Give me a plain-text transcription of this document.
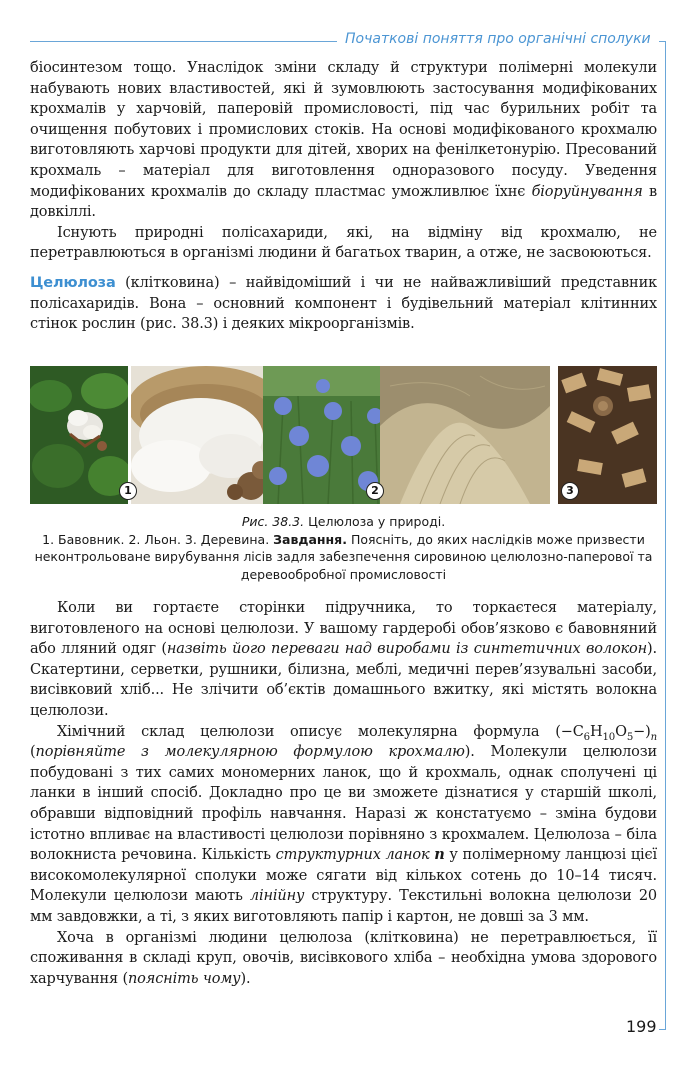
Початкові поняття про органічні сполуки

біосинтезом тощо. Унаслідок зміни складу й структури полімерні молекули набувають нових властивостей, які й зумовлюють застосування модифікованих крохмалів у харчовій, паперовій промисловості, під час бурильних робіт та очищення побутових і промислових стоків. На основі модифікованого крохмалю виготовляють харчові продукти для дітей, хворих на фенілкетонурію. Пресований крохмаль – матеріал для виготовлення одноразового посуду. Уведення модифікованих крохмалів до складу пластмас уможливлює їхнє біоруйнування в довкіллі.

Існують природні полісахариди, які, на відміну від крохмалю, не перетравлюються в організмі людини й багатьох тварин, а отже, не засвоюються.

Целюлоза (клітковина) – найвідоміший і чи не найважливіший представник полісахаридів. Вона – основний компонент і будівельний матеріал клітинних стінок рослин (рис. 38.3) і деяких мікроорганізмів.

1	2	3

Рис. 38.3. Целюлоза у природі.

1. Бавовник. 2. Льон. 3. Деревина. Завдання. Поясніть, до яких наслідків може призвести неконтрольоване вирубування лісів задля забезпечення сировиною целюлозно-паперової та деревообробної промисловості

Коли ви гортаєте сторінки підручника, то торкаєтеся матеріалу, виготовленого на основі целюлози. У вашому гардеробі обов’язково є бавовняний або лляний одяг (назвіть його переваги над виробами із синтетичних волокон). Скатертини, серветки, рушники, білизна, меблі, медичні перев’язувальні засоби, висівковий хліб... Не злічити об’єктів домашнього вжитку, які містять волокна целюлози.

Хімічний склад целюлози описує молекулярна формула $(-C_6H_{10}O_5-)_n$ (порівняйте з молекулярною формулою крохмалю). Молекули целюлози побудовані з тих самих мономерних ланок, що й крохмаль, однак сполучені ці ланки в інший спосіб. Докладно про це ви зможете дізнатися у старшій школі, обравши відповідний профіль навчання. Наразі ж констатуємо – зміна будови істотно впливає на властивості целюлози порівняно з крохмалем. Целюлоза – біла волокниста речовина. Кількість структурних ланок n у полімерному ланцюзі цієї високомолекулярної сполуки може сягати від кількох сотень до 10–14 тисяч. Молекули целюлози мають лінійну структуру. Текстильні волокна целюлози 20 мм завдовжки, а ті, з яких виготовляють папір і картон, не довші за 3 мм.

Хоча в організмі людини целюлоза (клітковина) не перетравлюється, її споживання в складі круп, овочів, висівкового хліба – необхідна умова здорового харчування (поясніть чому).

199
